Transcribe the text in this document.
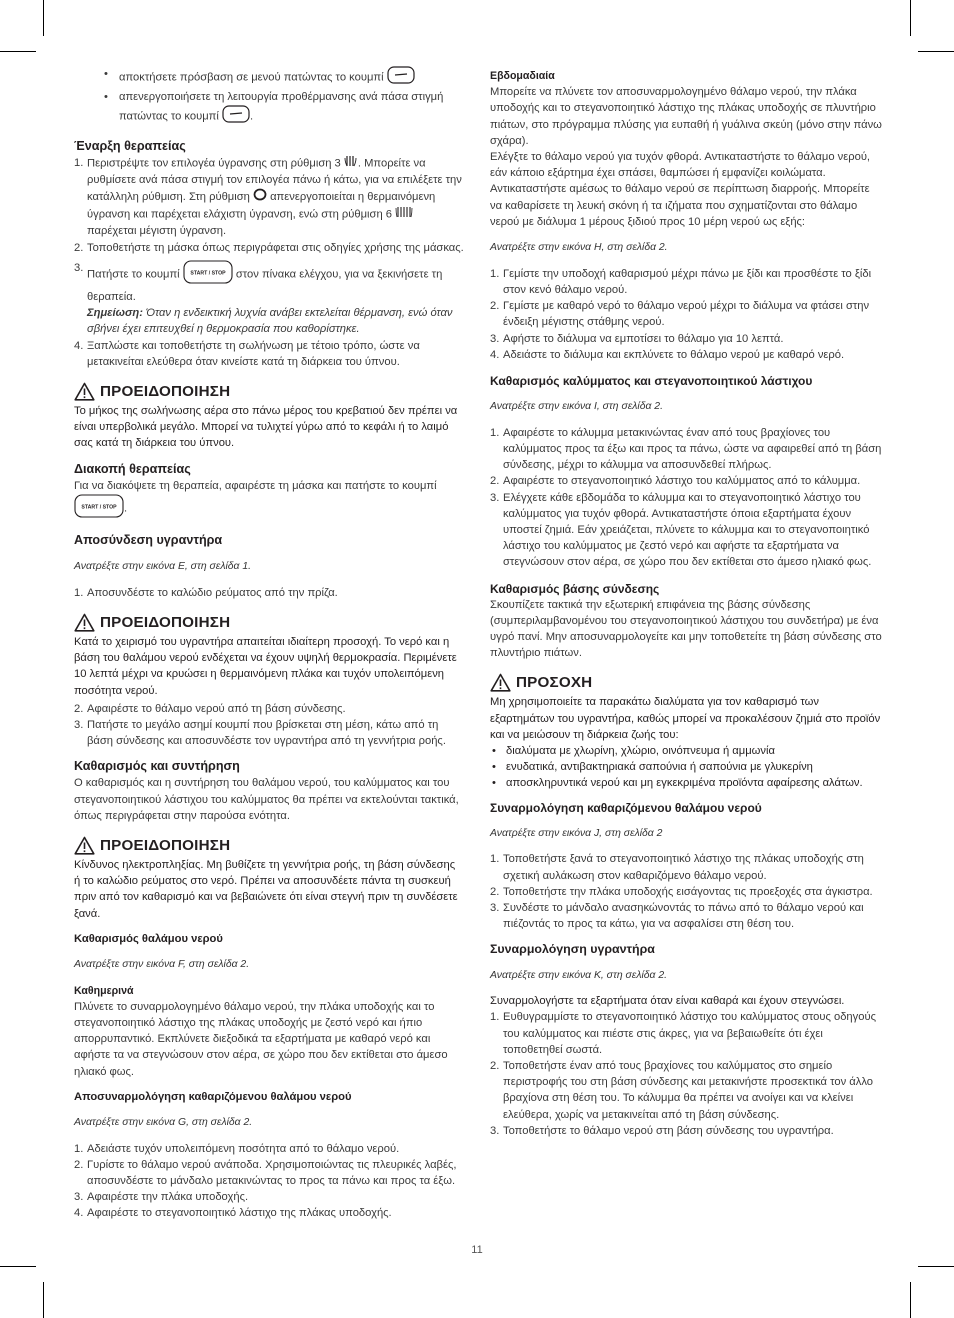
• αποκτήσετε πρόσβαση σε μενού πατώντας το κουμπί
• απενεργοποιήσετε τη λειτουργία προθέρμανσης ανά πάσα στιγμή πατώντας το κουμπί	.
Έναρξη θεραπείας
1. Περιστρέψτε τον επιλογέα ύγρανσης στη ρύθμιση 3 . Μπορείτε να ρυθμίσετε ανά πάσα στιγμή τον επιλογέα πάνω ή κάτω, για να επιλέξετε την κατάλληλη ρύθμιση. Στη ρύθμιση απενεργοποιείται η θερμαινόμενη ύγρανση και παρέχεται ελάχιστη ύγρανση, ενώ στη ρύθμιση 6  παρέχεται μέγιστη ύγρανση.
2. Τοποθετήστε τη μάσκα όπως περιγράφεται στις οδηγίες χρήσης της μάσκας.
3.
Πατήστε το κουμπί START / STOP στον πίνακα ελέγχου, για να ξεκινήσετε τη θεραπεία.
Σημείωση: Όταν η ενδεικτική λυχνία ανάβει εκτελείται θέρμανση, ενώ όταν σβήνει έχει επιτευχθεί η θερμοκρασία που καθορίστηκε.
4. Ξαπλώστε και τοποθετήστε τη σωλήνωση με τέτοιο τρόπο, ώστε να μετακινείται ελεύθερα όταν κινείστε κατά τη διάρκεια του ύπνου.
ΠΡΟΕΙΔΟΠΟΙΗΣΗ

Το μήκος της σωλήνωσης αέρα στο πάνω μέρος του κρεβατιού δεν πρέπει να είναι υπερβολικά μεγάλο. Μπορεί να τυλιχτεί γύρω από το κεφάλι ή το λαιμό σας κατά τη διάρκεια του ύπνου.

Διακοπή θεραπείας

Για να διακόψετε τη θεραπεία, αφαιρέστε τη μάσκα και πατήστε το κουμπί
START / STOP .

Αποσύνδεση υγραντήρα

Ανατρέξτε στην εικόνα E, στη σελίδα 1.

1. Αποσυνδέστε το καλώδιο ρεύματος από την πρίζα.
ΠΡΟΕΙΔΟΠΟΙΗΣΗ

Κατά το χειρισμό του υγραντήρα απαιτείται ιδιαίτερη προσοχή. Το νερό και η βάση του θαλάμου νερού ενδέχεται να έχουν υψηλή θερμοκρασία. Περιμένετε 10 λεπτά μέχρι να κρυώσει η θερμαινόμενη πλάκα και τυχόν υπολειπόμενη ποσότητα νερού.

2. Αφαιρέστε το θάλαμο νερού από τη βάση σύνδεσης.
3. Πατήστε το μεγάλο ασημί κουμπί που βρίσκεται στη μέση, κάτω από τη βάση σύνδεσης και αποσυνδέστε τον υγραντήρα από τη γεννήτρια ροής.
Καθαρισμός και συντήρηση

Ο καθαρισμός και η συντήρηση του θαλάμου νερού, του καλύμματος και του στεγανοποιητικού λάστιχου του καλύμματος θα πρέπει να εκτελούνται τακτικά, όπως περιγράφεται στην παρούσα ενότητα.

ΠΡΟΕΙΔΟΠΟΙΗΣΗ

Κίνδυνος ηλεκτροπληξίας. Μη βυθίζετε τη γεννήτρια ροής, τη βάση σύνδεσης ή το καλώδιο ρεύματος στο νερό. Πρέπει να αποσυνδέετε πάντα τη συσκευή πριν από τον καθαρισμό και να βεβαιώνετε ότι είναι στεγνή πριν τη συνδέσετε ξανά.

Καθαρισμός θαλάμου νερού

Ανατρέξτε στην εικόνα F, στη σελίδα 2.

Καθημερινά

Πλύνετε το συναρμολογημένο θάλαμο νερού, την πλάκα υποδοχής και το στεγανοποιητικό λάστιχο της πλάκας υποδοχής με ζεστό νερό και ήπιο απορρυπαντικό. Εκπλύνετε διεξοδικά τα εξαρτήματα με καθαρό νερό και αφήστε τα να στεγνώσουν στον αέρα, σε χώρο που δεν εκτίθεται στο άμεσο ηλιακό φως.

Αποσυναρμολόγηση καθαριζόμενου θαλάμου νερού

Ανατρέξτε στην εικόνα G, στη σελίδα 2.

1. Αδειάστε τυχόν υπολειπόμενη ποσότητα από το θάλαμο νερού.
2. Γυρίστε το θάλαμο νερού ανάποδα. Χρησιμοποιώντας τις πλευρικές λαβές, αποσυνδέστε το μάνδαλο μετακινώντας το προς τα πάνω και προς τα έξω.
3. Αφαιρέστε την πλάκα υποδοχής.
4. Αφαιρέστε το στεγανοποιητικό λάστιχο της πλάκας υποδοχής.

Εβδομαδιαία

Μπορείτε να πλύνετε τον αποσυναρμολογημένο θάλαμο νερού, την πλάκα υποδοχής και το στεγανοποιητικό λάστιχο της πλάκας υποδοχής σε πλυντήριο πιάτων, στο πρόγραμμα πλύσης για ευπαθή ή γυάλινα σκεύη (μόνο στην πάνω σχάρα).

Ελέγξτε το θάλαμο νερού για τυχόν φθορά. Αντικαταστήστε το θάλαμο νερού, εάν κάποιο εξάρτημα έχει σπάσει, θαμπώσει ή εμφανίζει κοιλώματα. Αντικαταστήστε αμέσως το θάλαμο νερού σε περίπτωση διαρροής. Μπορείτε να καθαρίσετε τη λευκή σκόνη ή τα ιζήματα που σχηματίζονται στο θάλαμο νερού με διάλυμα 1 μέρους ξιδιού προς 10 μέρη νερού ως εξής:

Ανατρέξτε στην εικόνα H, στη σελίδα 2.

1. Γεμίστε την υποδοχή καθαρισμού μέχρι πάνω με ξίδι και προσθέστε το ξίδι στον κενό θάλαμο νερού.
2. Γεμίστε με καθαρό νερό το θάλαμο νερού μέχρι το διάλυμα να φτάσει στην ένδειξη μέγιστης στάθμης νερού.
3. Αφήστε το διάλυμα να εμποτίσει το θάλαμο για 10 λεπτά.
4. Αδειάστε το διάλυμα και εκπλύνετε το θάλαμο νερού με καθαρό νερό.
Καθαρισμός καλύμματος και στεγανοποιητικού λάστιχου

Ανατρέξτε στην εικόνα I, στη σελίδα 2.

1. Αφαιρέστε το κάλυμμα μετακινώντας έναν από τους βραχίονες του καλύμματος προς τα έξω και προς τα πάνω, ώστε να αφαιρεθεί από τη βάση σύνδεσης, μέχρι το κάλυμμα να αποσυνδεθεί πλήρως.
2. Αφαιρέστε το στεγανοποιητικό λάστιχο του καλύμματος από το κάλυμμα.
3. Ελέγχετε κάθε εβδομάδα το κάλυμμα και το στεγανοποιητικό λάστιχο του καλύμματος για τυχόν φθορά. Αντικαταστήστε όποια εξαρτήματα έχουν υποστεί ζημιά. Εάν χρειάζεται, πλύνετε το κάλυμμα και το στεγανοποιητικό λάστιχο του καλύμματος με ζεστό νερό και αφήστε τα εξαρτήματα να στεγνώσουν στον αέρα, σε χώρο που δεν εκτίθεται στο άμεσο ηλιακό φως.
Καθαρισμός βάσης σύνδεσης

Σκουπίζετε τακτικά την εξωτερική επιφάνεια της βάσης σύνδεσης (συμπεριλαμβανομένου του στεγανοποιητικού λάστιχου του συνδετήρα) με ένα υγρό πανί. Μην αποσυναρμολογείτε και μην τοποθετείτε τη βάση σύνδεσης στο πλυντήριο πιάτων.

ΠΡΟΣΟΧΗ

Μη χρησιμοποιείτε τα παρακάτω διαλύματα για τον καθαρισμό των εξαρτημάτων του υγραντήρα, καθώς μπορεί να προκαλέσουν ζημιά στο προϊόν και να μειώσουν τη διάρκεια ζωής του:

• διαλύματα με χλωρίνη, χλώριο, οινόπνευμα ή αμμωνία
• ενυδατικά, αντιβακτηριακά σαπούνια ή σαπούνια με γλυκερίνη
• αποσκληρυντικά νερού και μη εγκεκριμένα προϊόντα αφαίρεσης αλάτων.
Συναρμολόγηση καθαριζόμενου θαλάμου νερού

Ανατρέξτε στην εικόνα J, στη σελίδα 2

1. Τοποθετήστε ξανά το στεγανοποιητικό λάστιχο της πλάκας υποδοχής στη σχετική αυλάκωση στον καθαριζόμενο θάλαμο νερού.
2. Τοποθετήστε την πλάκα υποδοχής εισάγοντας τις προεξοχές στα άγκιστρα.
3. Συνδέστε το μάνδαλο ανασηκώνοντάς το πάνω από το θάλαμο νερού και πιέζοντάς το προς τα κάτω, για να ασφαλίσει στη θέση του.
Συναρμολόγηση υγραντήρα

Ανατρέξτε στην εικόνα K, στη σελίδα 2.

Συναρμολογήστε τα εξαρτήματα όταν είναι καθαρά και έχουν στεγνώσει.

1. Ευθυγραμμίστε το στεγανοποιητικό λάστιχο του καλύμματος στους οδηγούς του καλύμματος και πιέστε στις άκρες, για να βεβαιωθείτε ότι έχει τοποθετηθεί σωστά.
2. Τοποθετήστε έναν από τους βραχίονες του καλύμματος στο σημείο περιστροφής του στη βάση σύνδεσης και μετακινήστε προσεκτικά τον άλλο βραχίονα στη θέση του. Το κάλυμμα θα πρέπει να ανοίγει και να κλείνει ελεύθερα, χωρίς να μετακινείται από τη βάση σύνδεσης.
3. Τοποθετήστε το θάλαμο νερού στη βάση σύνδεσης του υγραντήρα.
11
